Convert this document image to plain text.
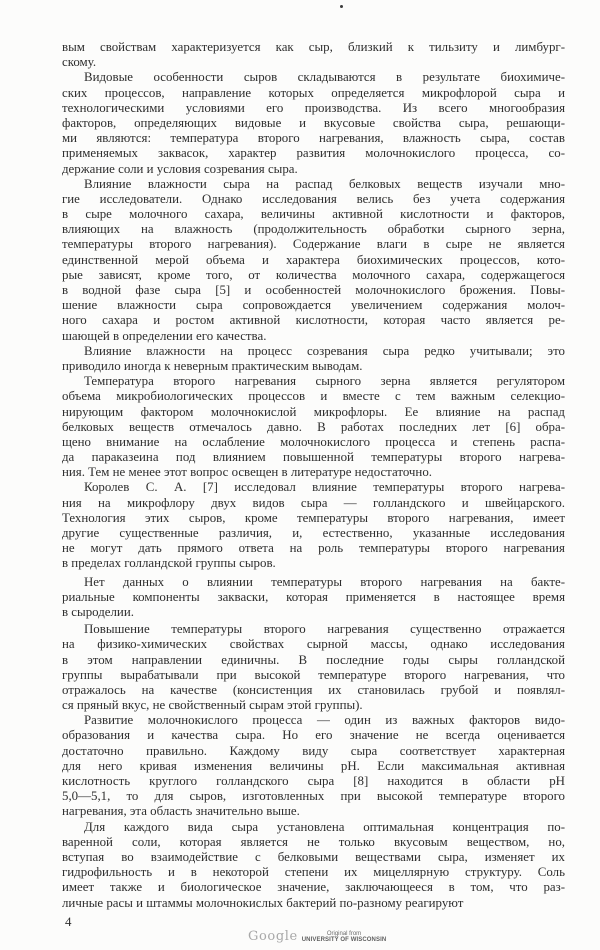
вым свойствам характеризуется как сыр, близкий к тильзиту и лимбург-
скому.
Видовые особенности сыров складываются в результате биохимиче-
ских процессов, направление которых определяется микрофлорой сыра и
технологическими условиями его производства. Из всего многообразия
факторов, определяющих видовые и вкусовые свойства сыра, решающи-
ми являются: температура второго нагревания, влажность сыра, состав
применяемых заквасок, характер развития молочнокислого процесса, со-
держание соли и условия созревания сыра.
Влияние влажности сыра на распад белковых веществ изучали мно-
гие исследователи. Однако исследования велись без учета содержания
в сыре молочного сахара, величины активной кислотности и факторов,
влияющих на влажность (продолжительность обработки сырного зерна,
температуры второго нагревания). Содержание влаги в сыре не является
единственной мерой объема и характера биохимических процессов, кото-
рые зависят, кроме того, от количества молочного сахара, содержащегося
в водной фазе сыра [5] и особенностей молочнокислого брожения. Повы-
шение влажности сыра сопровождается увеличением содержания молоч-
ного сахара и ростом активной кислотности, которая часто является ре-
шающей в определении его качества.
Влияние влажности на процесс созревания сыра редко учитывали; это
приводило иногда к неверным практическим выводам.
Температура второго нагревания сырного зерна является регулятором
объема микробиологических процессов и вместе с тем важным селекцио-
нирующим фактором молочнокислой микрофлоры. Ее влияние на распад
белковых веществ отмечалось давно. В работах последних лет [6] обра-
щено внимание на ослабление молочнокислого процесса и степень распа-
да параказеина под влиянием повышенной температуры второго нагрева-
ния. Тем не менее этот вопрос освещен в литературе недостаточно.
Королев С. А. [7] исследовал влияние температуры второго нагрева-
ния на микрофлору двух видов сыра — голландского и швейцарского.
Технология этих сыров, кроме температуры второго нагревания, имеет
другие существенные различия, и, естественно, указанные исследования
не могут дать прямого ответа на роль температуры второго нагревания
в пределах голландской группы сыров.
Нет данных о влиянии температуры второго нагревания на бакте-
риальные компоненты закваски, которая применяется в настоящее время
в сыроделии.
Повышение температуры второго нагревания существенно отражается
на физико-химических свойствах сырной массы, однако исследования
в этом направлении единичны. В последние годы сыры голландской
группы вырабатывали при высокой температуре второго нагревания, что
отражалось на качестве (консистенция их становилась грубой и появлял-
ся пряный вкус, не свойственный сырам этой группы).
Развитие молочнокислого процесса — один из важных факторов видо-
образования и качества сыра. Но его значение не всегда оценивается
достаточно правильно. Каждому виду сыра соответствует характерная
для него кривая изменения величины pH. Если максимальная активная
кислотность круглого голландского сыра [8] находится в области pH
5,0—5,1, то для сыров, изготовленных при высокой температуре второго
нагревания, эта область значительно выше.
Для каждого вида сыра установлена оптимальная концентрация по-
варенной соли, которая является не только вкусовым веществом, но,
вступая во взаимодействие с белковыми веществами сыра, изменяет их
гидрофильность и в некоторой степени их мицеллярную структуру. Соль
имеет также и биологическое значение, заключающееся в том, что раз-
личные расы и штаммы молочнокислых бактерий по-разному реагируют
4
Google	Original from
UNIVERSITY OF WISCONSIN
